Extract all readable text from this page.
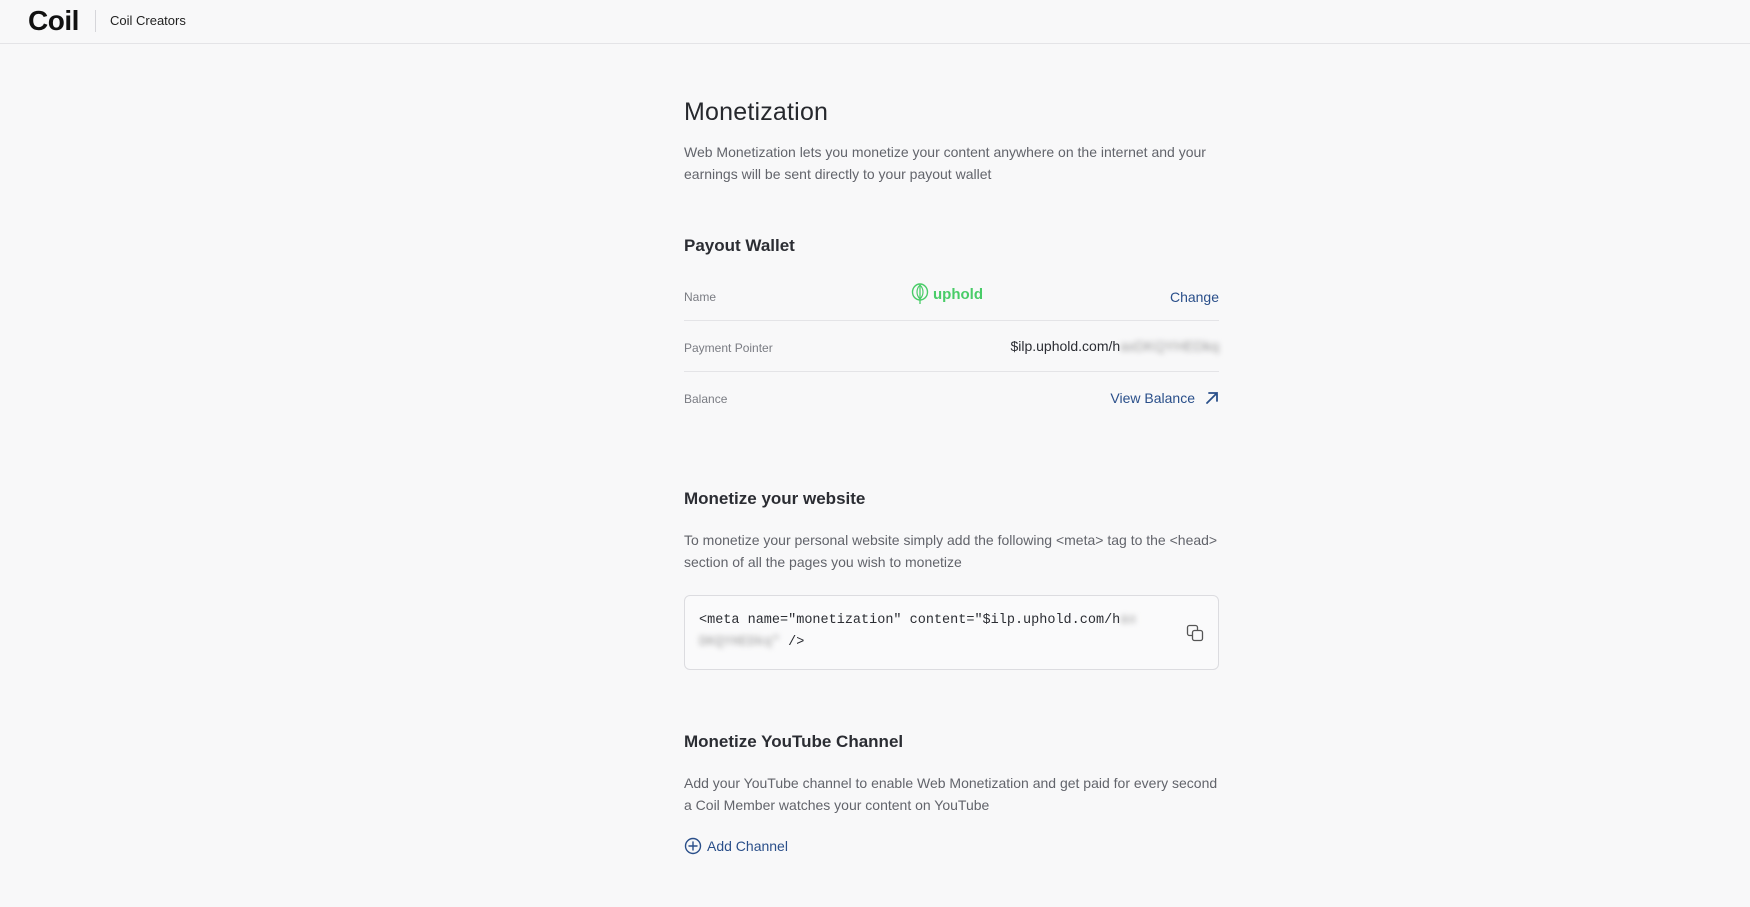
Coil Coil Creators
Monetization

Web Monetization lets you monetize your content anywhere on the internet and your earnings will be sent directly to your payout wallet

Payout Wallet
Name	uphold	Change
Payment Pointer	$ilp.uphold.com/haxDKQYHEDkq
Balance	View Balance
Monetize your website

To monetize your personal website simply add the following <meta> tag to the <head> section of all the pages you wish to monetize

<meta name="monetization" content="$ilp.uphold.com/hax
DKQYHEDkq" />
Monetize YouTube Channel

Add your YouTube channel to enable Web Monetization and get paid for every second a Coil Member watches your content on YouTube

Add Channel
